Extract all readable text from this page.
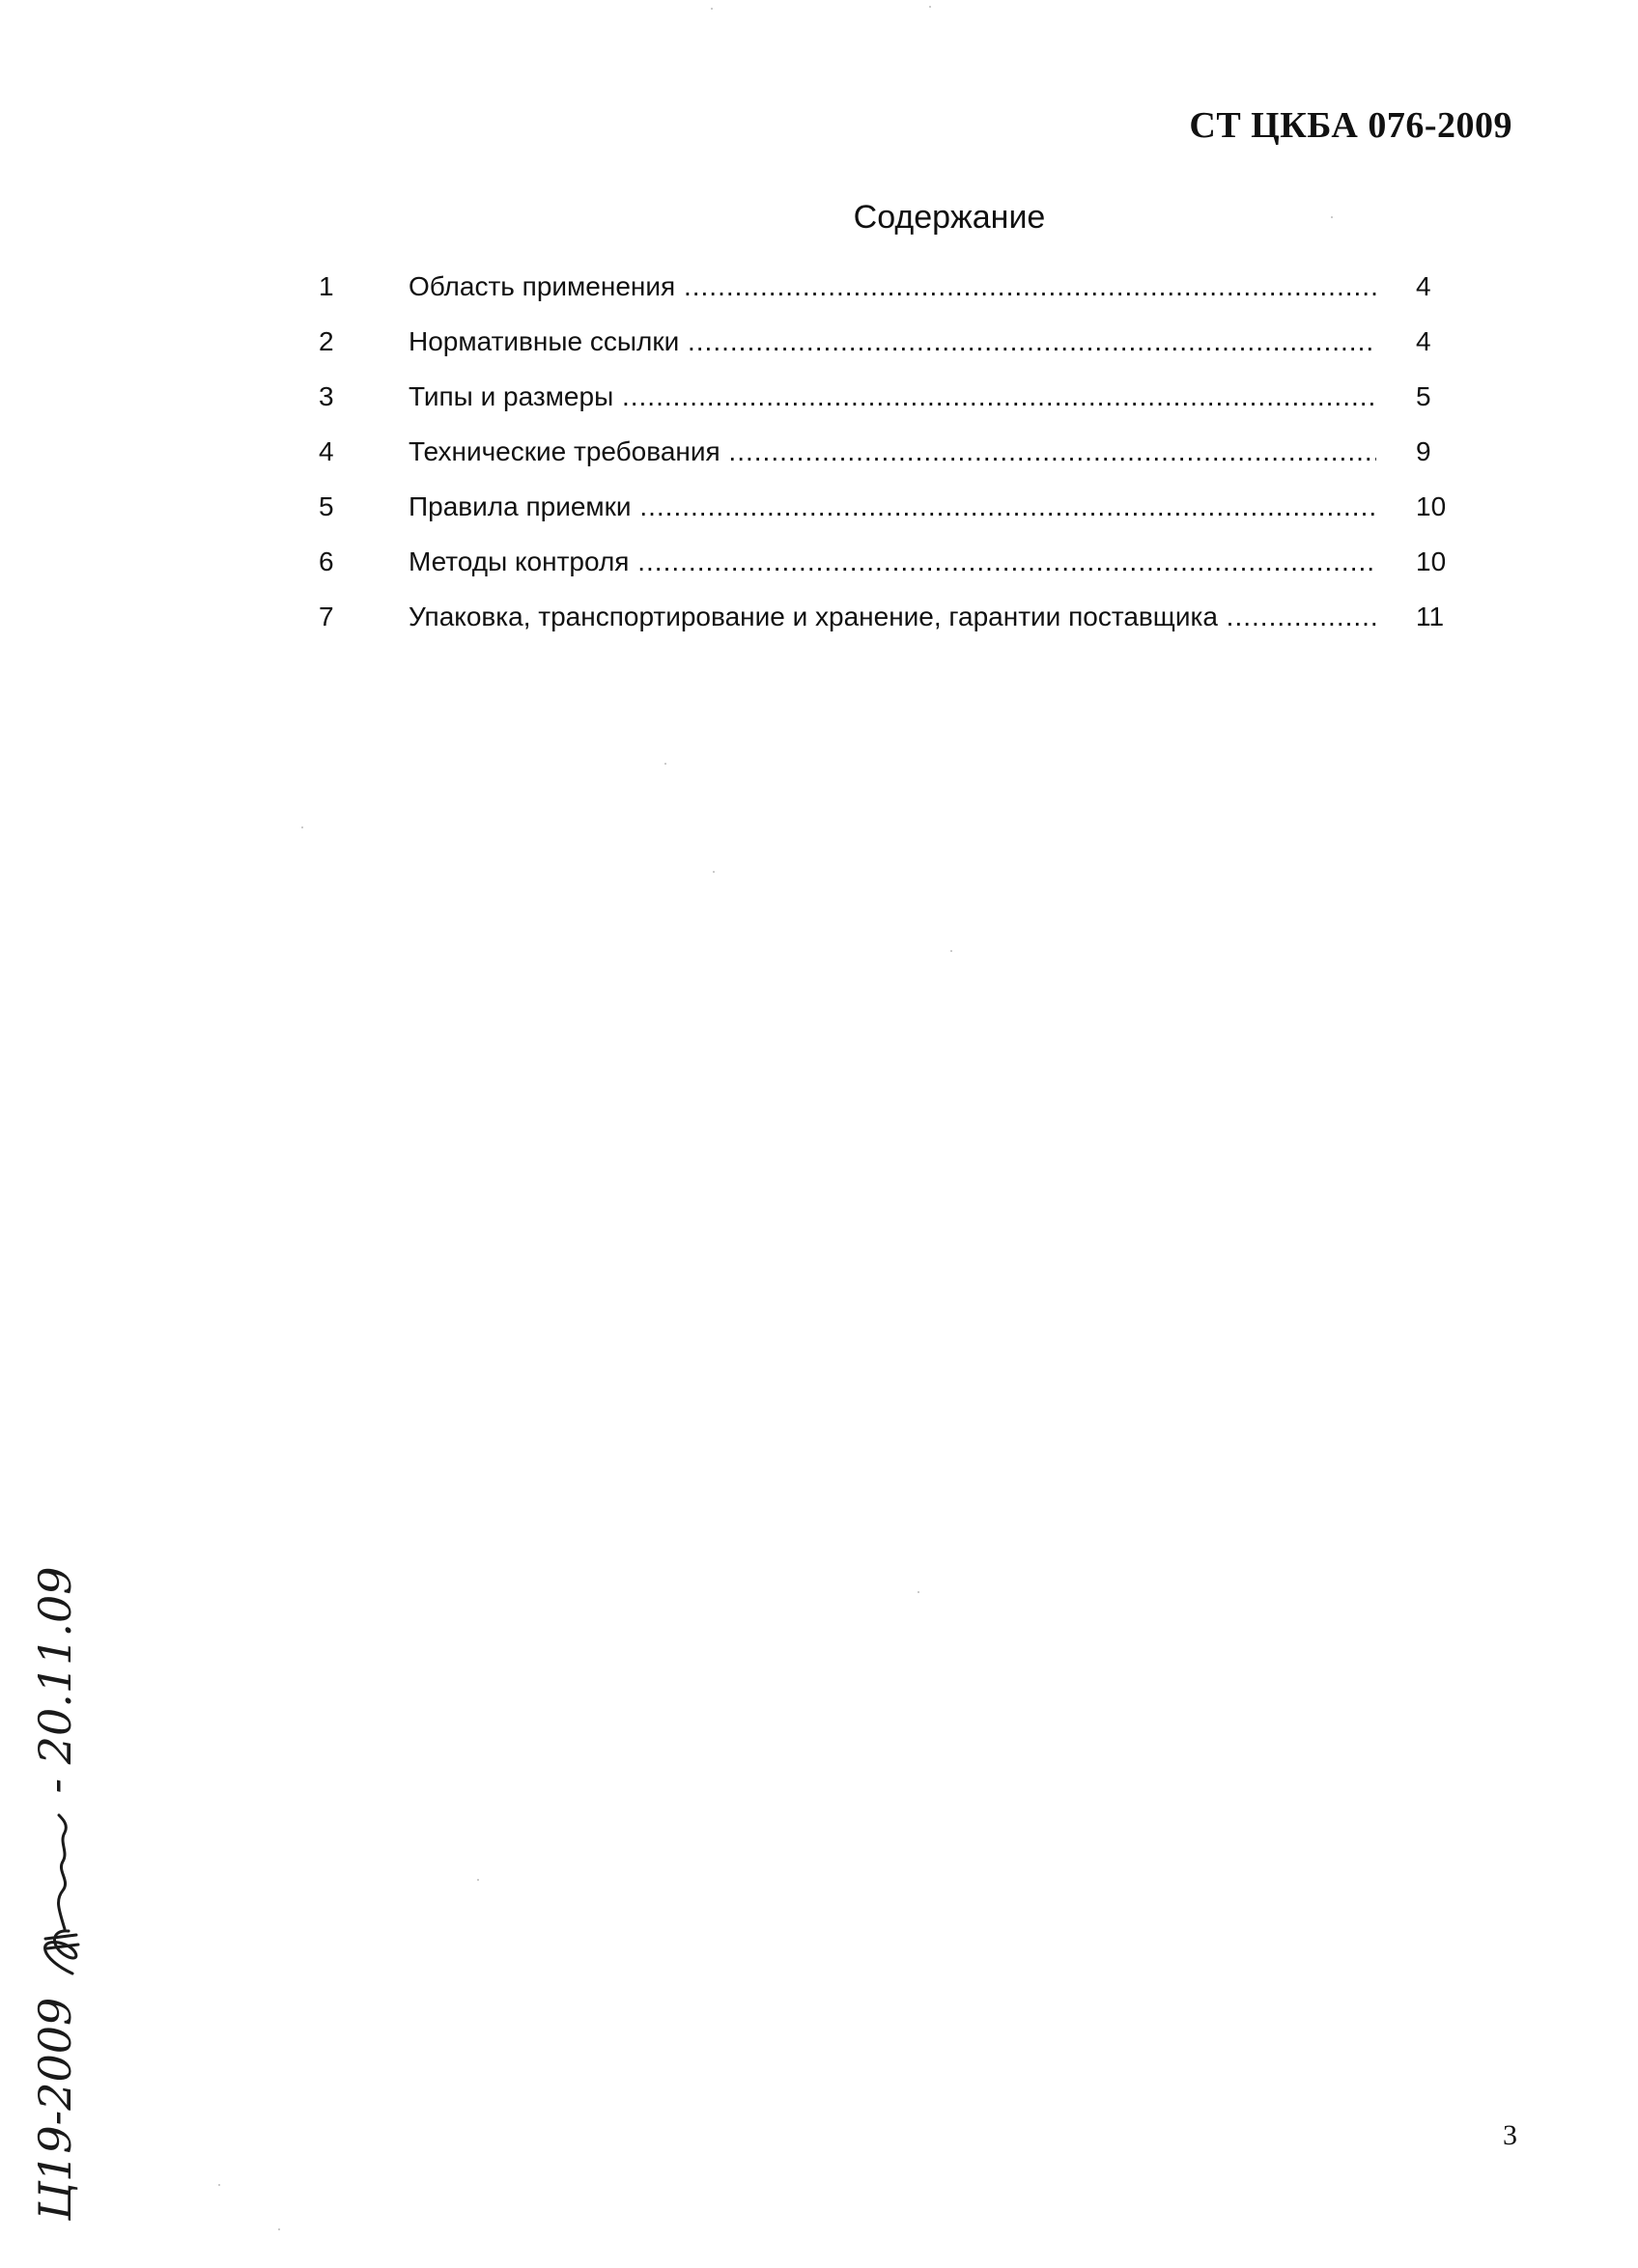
СТ ЦКБА 076-2009
Содержание
1	Область применения .....	4
2	Нормативные ссылки .....	4
3	Типы и размеры .....	5
4	Технические требования .....	9
5	Правила приемки .....	10
6	Методы контроля .....	10
7	Упаковка, транспортирование и хранение, гарантии поставщика .....	11
Ц19-2009  - 20.11.09
3
